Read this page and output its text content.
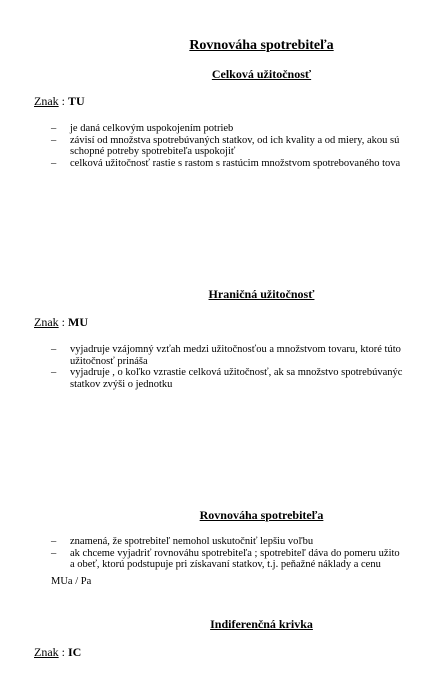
Rovnováha spotrebiteľa
Celková užitočnosť
Znak : TU
– je daná celkovým uspokojením potrieb
– závisí od množstva spotrebúvaných statkov, od ich kvality a od miery, akou sú
schopné potreby spotrebiteľa uspokojiť
– celková užitočnosť rastie s rastom s rastúcim množstvom spotrebovaného tova
Hraničná užitočnosť
Znak : MU
– vyjadruje vzájomný vzťah medzi užitočnosťou a množstvom tovaru, ktoré túto
užitočnosť prináša
– vyjadruje , o koľko vzrastie celková užitočnosť, ak sa množstvo spotrebúvanýc
statkov zvýši o jednotku
Rovnováha spotrebiteľa
– znamená, že spotrebiteľ nemohol uskutočniť lepšiu voľbu
– ak chceme vyjadriť rovnováhu spotrebiteľa ; spotrebiteľ dáva do pomeru užito
a obeť, ktorú podstupuje pri získavaní statkov, t.j. peňažné náklady a cenu
MUa / Pa
Indiferenčná krivka
Znak : IC
